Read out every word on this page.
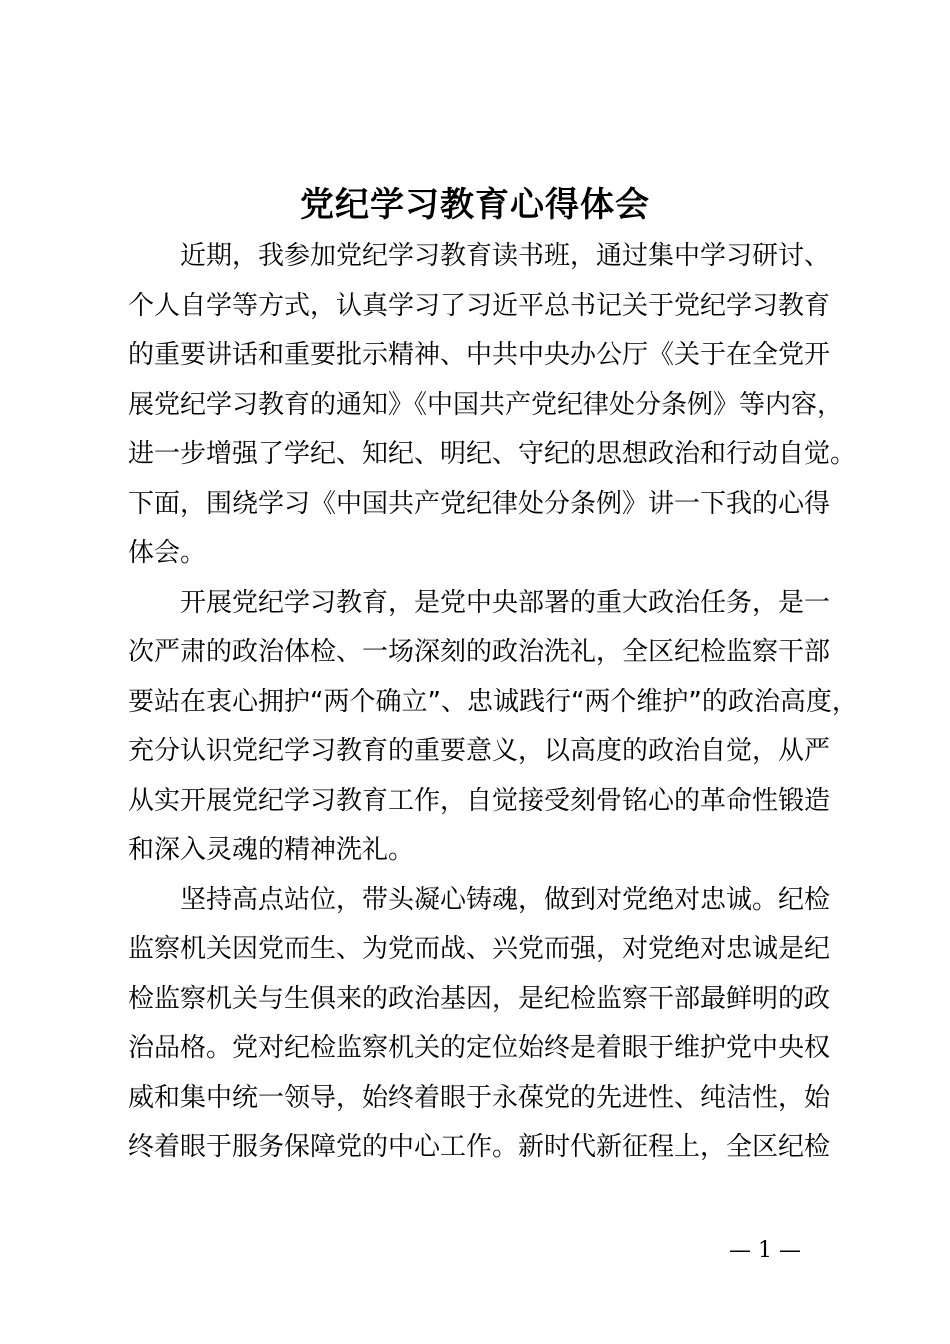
党纪学习教育心得体会
近期，我参加党纪学习教育读书班，通过集中学习研讨、
个人自学等方式，认真学习了习近平总书记关于党纪学习教育
的重要讲话和重要批示精神、中共中央办公厅《关于在全党开
展党纪学习教育的通知》《中国共产党纪律处分条例》等内容，
进一步增强了学纪、知纪、明纪、守纪的思想政治和行动自觉。
下面，围绕学习《中国共产党纪律处分条例》讲一下我的心得
体会。
开展党纪学习教育，是党中央部署的重大政治任务，是一
次严肃的政治体检、一场深刻的政治洗礼，全区纪检监察干部
要站在衷心拥护“两个确立”、忠诚践行“两个维护”的政治高度，
充分认识党纪学习教育的重要意义，以高度的政治自觉，从严
从实开展党纪学习教育工作，自觉接受刻骨铭心的革命性锻造
和深入灵魂的精神洗礼。
坚持高点站位，带头凝心铸魂，做到对党绝对忠诚。纪检
监察机关因党而生、为党而战、兴党而强，对党绝对忠诚是纪
检监察机关与生俱来的政治基因，是纪检监察干部最鲜明的政
治品格。党对纪检监察机关的定位始终是着眼于维护党中央权
威和集中统一领导，始终着眼于永葆党的先进性、纯洁性，始
终着眼于服务保障党的中心工作。新时代新征程上，全区纪检
— 1 —
